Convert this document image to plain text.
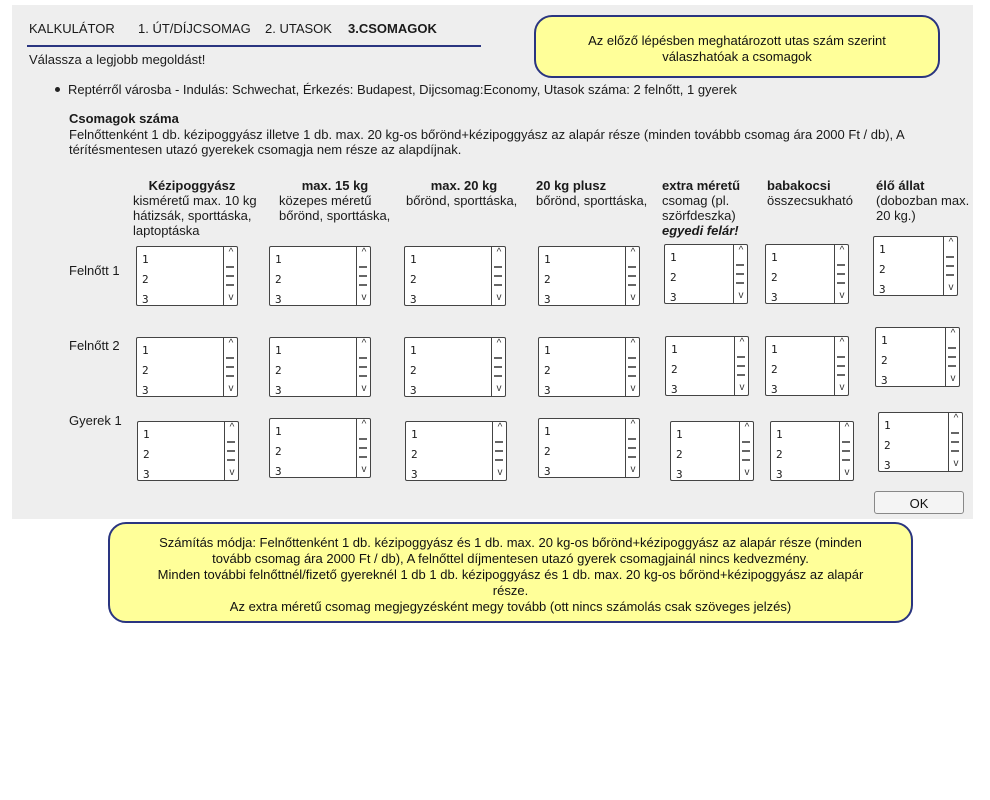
KALKULÁTOR 1. ÚT/DÍJCSOMAG 2. UTASOK 3.CSOMAGOK
Válassza a legjobb megoldást!
Reptérről városba - Indulás: Schwechat, Érkezés: Budapest, Dijcsomag:Economy, Utasok száma: 2 felnőtt, 1 gyerek
Csomagok száma
Felnőttenként 1 db. kézipoggyász illetve 1 db. max. 20 kg-os bőrönd+kézipoggyász az alapár része (minden továbbb csomag ára 2000 Ft / db), A térítésmentesen utazó gyerekek csomagja nem része az alapdíjnak.
Kézipoggyász
kisméretű max. 10 kg
hátizsák, sporttáska,
laptoptáska
max. 15 kg
közepes méretű
bőrönd, sporttáska,
max. 20 kg
bőrönd, sporttáska,
20 kg plusz
bőrönd, sporttáska,
extra méretű
csomag (pl.
szörfdeszka)
egyedi felár!
babakocsi
összecsukható
élő állat
(dobozban max.
20 kg.)
Felnőtt 1
Felnőtt 2
Gyerek 1
1
2
3
^
v
1
2
3
^
v
1
2
3
^
v
1
2
3
^
v
1
2
3
^
v
1
2
3
^
v
1
2
3
^
v
1
2
3
^
v
1
2
3
^
v
1
2
3
^
v
1
2
3
^
v
1
2
3
^
v
1
2
3
^
v
1
2
3
^
v
1
2
3
^
v
1
2
3
^
v
1
2
3
^
v
1
2
3
^
v
1
2
3
^
v
1
2
3
^
v
1
2
3
^
v
OK
Az előző lépésben meghatározott utas szám szerint
válaszhatóak a csomagok
Számítás módja: Felnőttenként 1 db. kézipoggyász és 1 db. max. 20 kg-os bőrönd+kézipoggyász az alapár része (minden tovább csomag ára 2000 Ft / db), A felnőttel díjmentesen utazó gyerek csomagjainál nincs kedvezmény.
Minden további felnőttnél/fizető gyereknél 1 db 1 db. kézipoggyász és 1 db. max. 20 kg-os bőrönd+kézipoggyász az alapár része.
Az extra méretű csomag megjegyzésként megy tovább (ott nincs számolás csak szöveges jelzés)
